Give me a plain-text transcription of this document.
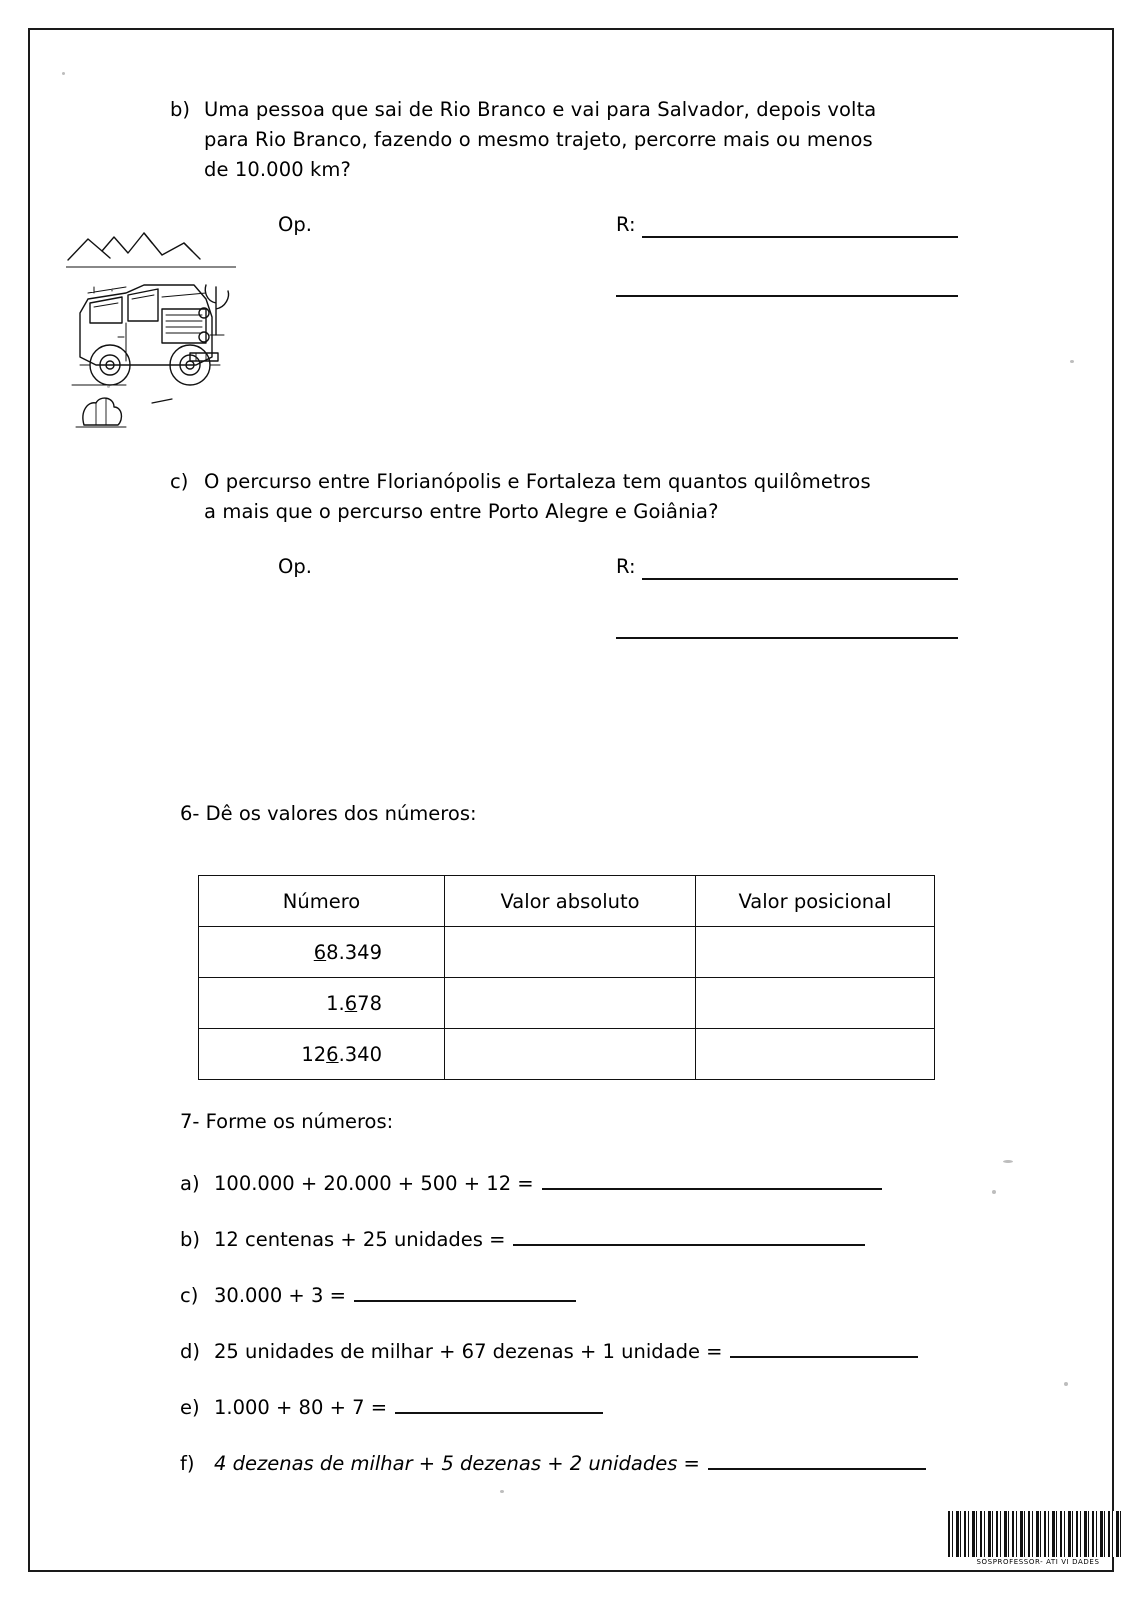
b) Uma pessoa que sai de Rio Branco e vai para Salvador, depois volta
para Rio Branco, fazendo o mesmo trajeto, percorre mais ou menos
de 10.000 km?
Op.	R:
c) O percurso entre Florianópolis e Fortaleza tem quantos quilômetros
a mais que o percurso entre Porto Alegre e Goiânia?
Op.	R:
6- Dê os valores dos números:
Número	Valor absoluto	Valor posicional
68.349		
1.678		
126.340		
7- Forme os números:
a) 100.000 + 20.000 + 500 + 12 =
b) 12 centenas + 25 unidades =
c) 30.000 + 3 =
d) 25 unidades de milhar + 67 dezenas + 1 unidade =
e) 1.000 + 80 + 7 =
f)	4 dezenas de milhar + 5 dezenas + 2 unidades =
SOSPROFESSOR- ATI VI DADES
